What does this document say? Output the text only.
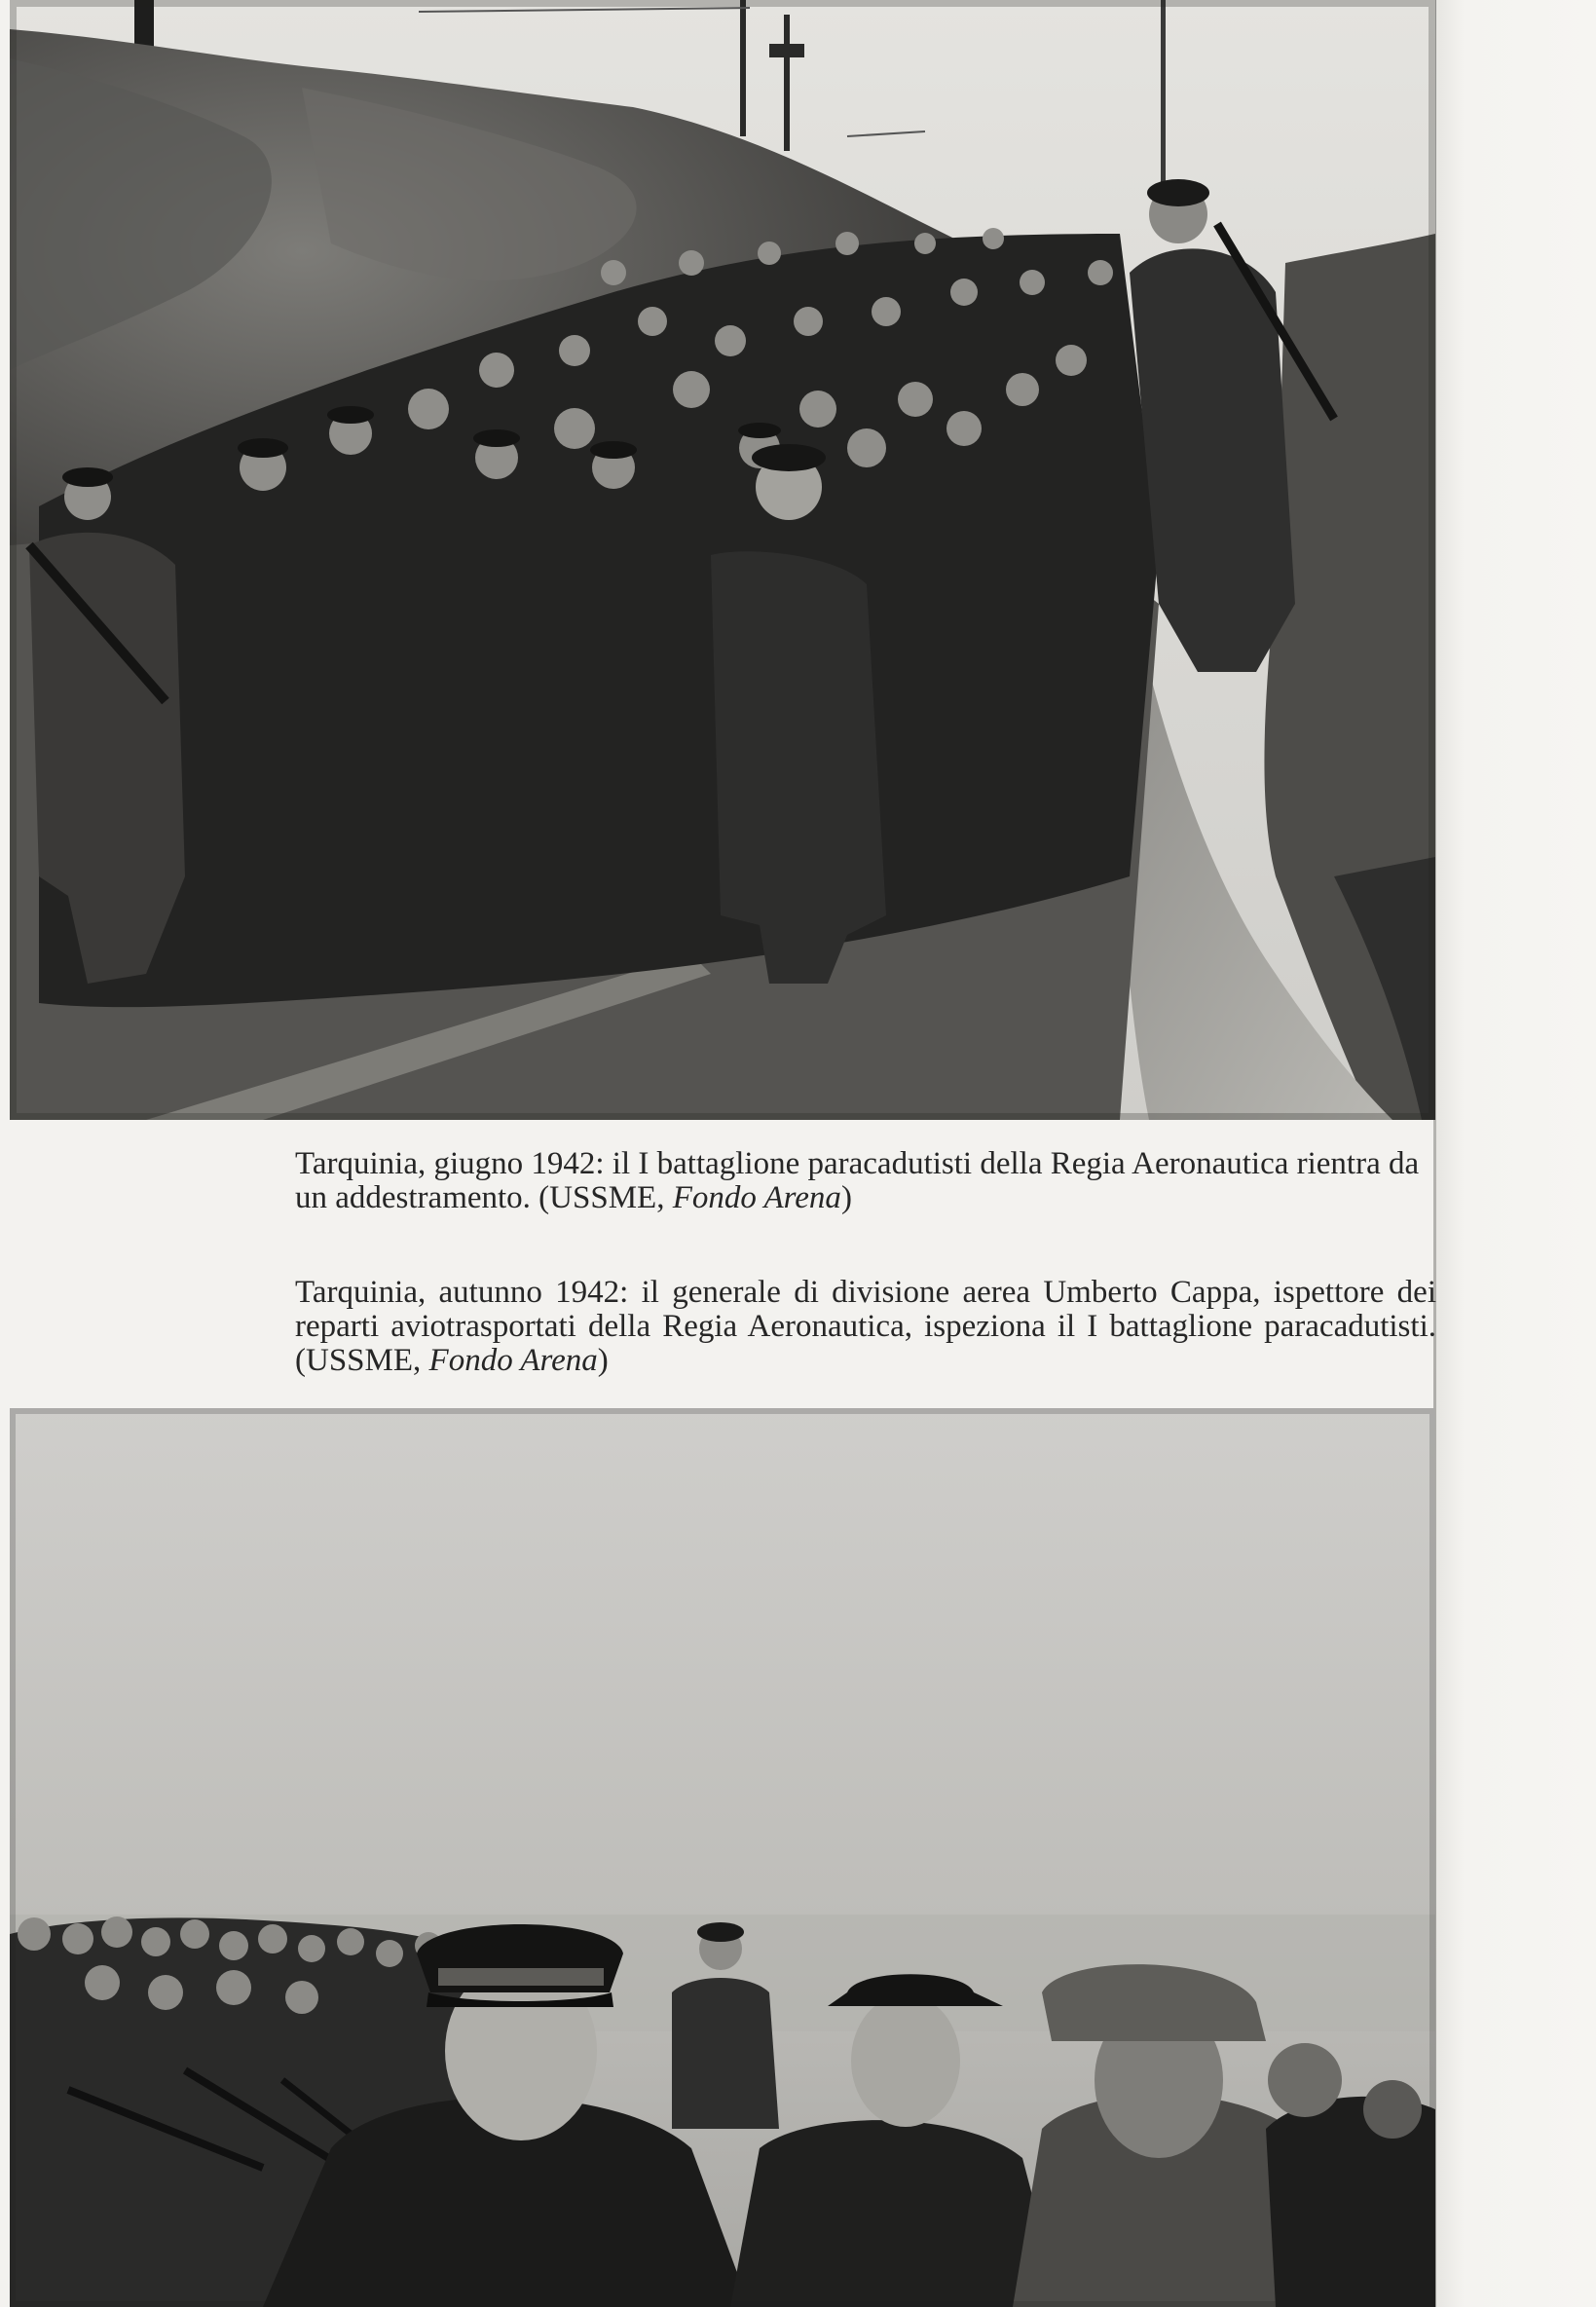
Tarquinia, giugno 1942: il I battaglione paracadutisti della Regia Aeronautica rientra da un addestramento. (USSME, Fondo Arena)

Tarquinia, autunno 1942: il generale di divisione aerea Umberto Cappa, ispettore dei reparti aviotrasportati della Regia Aeronautica, ispeziona il I battaglione paracadutisti. (USSME, Fondo Arena)
